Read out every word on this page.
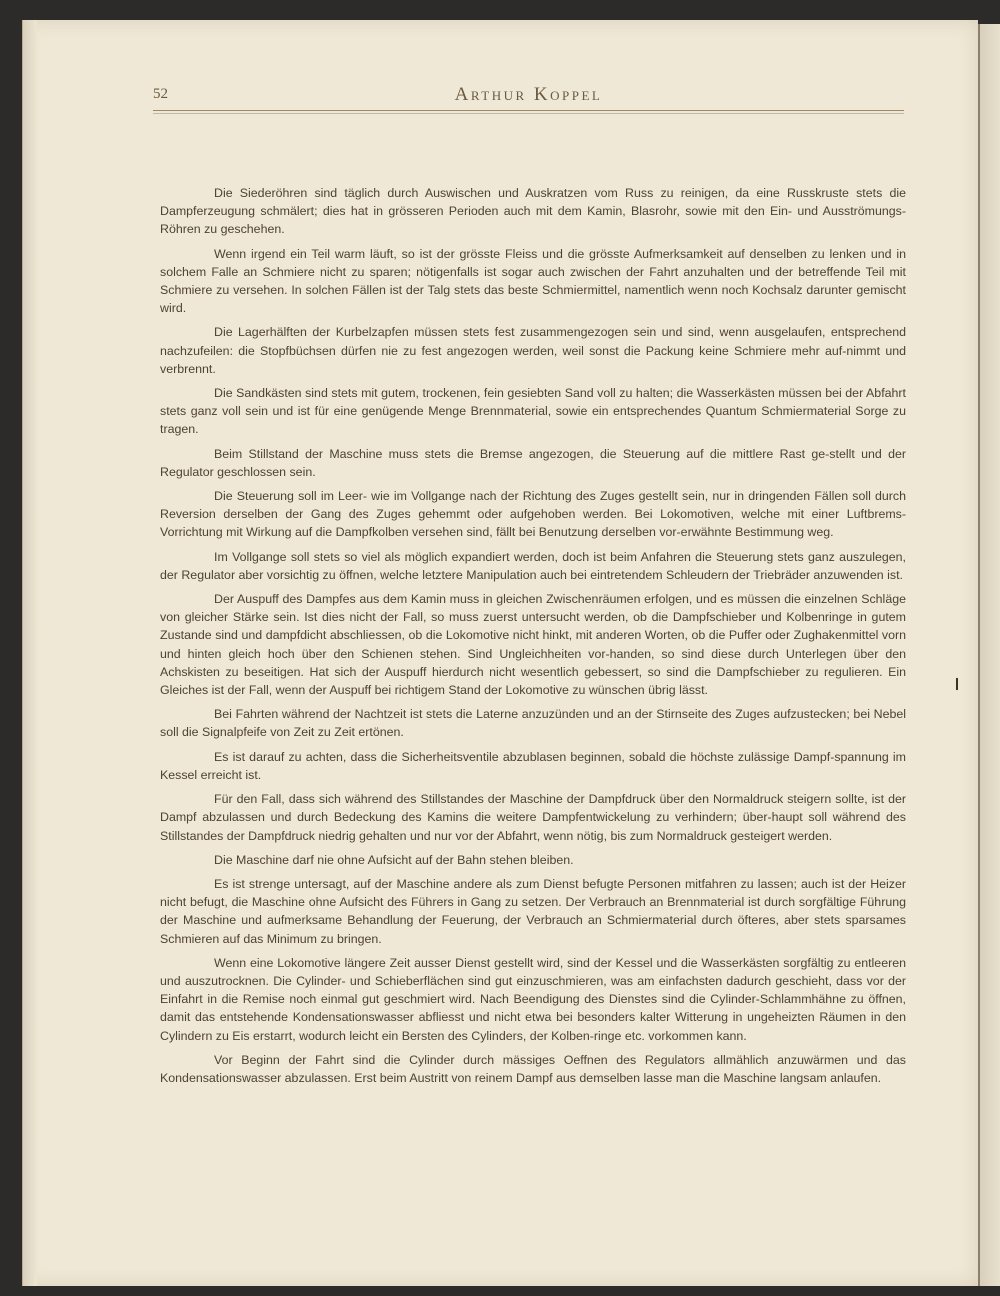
52	Arthur Koppel

Die Siederöhren sind täglich durch Auswischen und Auskratzen vom Russ zu reinigen, da eine Russkruste stets die Dampferzeugung schmälert; dies hat in grösseren Perioden auch mit dem Kamin, Blasrohr, sowie mit den Ein- und Ausströmungs-Röhren zu geschehen.

Wenn irgend ein Teil warm läuft, so ist der grösste Fleiss und die grösste Aufmerksamkeit auf denselben zu lenken und in solchem Falle an Schmiere nicht zu sparen; nötigenfalls ist sogar auch zwischen der Fahrt anzuhalten und der betreffende Teil mit Schmiere zu versehen. In solchen Fällen ist der Talg stets das beste Schmiermittel, namentlich wenn noch Kochsalz darunter gemischt wird.

Die Lagerhälften der Kurbelzapfen müssen stets fest zusammengezogen sein und sind, wenn ausgelaufen, entsprechend nachzufeilen: die Stopfbüchsen dürfen nie zu fest angezogen werden, weil sonst die Packung keine Schmiere mehr auf-nimmt und verbrennt.

Die Sandkästen sind stets mit gutem, trockenen, fein gesiebten Sand voll zu halten; die Wasserkästen müssen bei der Abfahrt stets ganz voll sein und ist für eine genügende Menge Brennmaterial, sowie ein entsprechendes Quantum Schmiermaterial Sorge zu tragen.

Beim Stillstand der Maschine muss stets die Bremse angezogen, die Steuerung auf die mittlere Rast ge-stellt und der Regulator geschlossen sein.

Die Steuerung soll im Leer- wie im Vollgange nach der Richtung des Zuges gestellt sein, nur in dringenden Fällen soll durch Reversion derselben der Gang des Zuges gehemmt oder aufgehoben werden. Bei Lokomotiven, welche mit einer Luftbrems-Vorrichtung mit Wirkung auf die Dampfkolben versehen sind, fällt bei Benutzung derselben vor-erwähnte Bestimmung weg.

Im Vollgange soll stets so viel als möglich expandiert werden, doch ist beim Anfahren die Steuerung stets ganz auszulegen, der Regulator aber vorsichtig zu öffnen, welche letztere Manipulation auch bei eintretendem Schleudern der Triebräder anzuwenden ist.

Der Auspuff des Dampfes aus dem Kamin muss in gleichen Zwischenräumen erfolgen, und es müssen die einzelnen Schläge von gleicher Stärke sein. Ist dies nicht der Fall, so muss zuerst untersucht werden, ob die Dampfschieber und Kolbenringe in gutem Zustande sind und dampfdicht abschliessen, ob die Lokomotive nicht hinkt, mit anderen Worten, ob die Puffer oder Zughakenmittel vorn und hinten gleich hoch über den Schienen stehen. Sind Ungleichheiten vor-handen, so sind diese durch Unterlegen über den Achskisten zu beseitigen. Hat sich der Auspuff hierdurch nicht wesentlich gebessert, so sind die Dampfschieber zu regulieren. Ein Gleiches ist der Fall, wenn der Auspuff bei richtigem Stand der Lokomotive zu wünschen übrig lässt.

Bei Fahrten während der Nachtzeit ist stets die Laterne anzuzünden und an der Stirnseite des Zuges aufzustecken; bei Nebel soll die Signalpfeife von Zeit zu Zeit ertönen.

Es ist darauf zu achten, dass die Sicherheitsventile abzublasen beginnen, sobald die höchste zulässige Dampf-spannung im Kessel erreicht ist.

Für den Fall, dass sich während des Stillstandes der Maschine der Dampfdruck über den Normaldruck steigern sollte, ist der Dampf abzulassen und durch Bedeckung des Kamins die weitere Dampfentwickelung zu verhindern; über-haupt soll während des Stillstandes der Dampfdruck niedrig gehalten und nur vor der Abfahrt, wenn nötig, bis zum Normaldruck gesteigert werden.

Die Maschine darf nie ohne Aufsicht auf der Bahn stehen bleiben.

Es ist strenge untersagt, auf der Maschine andere als zum Dienst befugte Personen mitfahren zu lassen; auch ist der Heizer nicht befugt, die Maschine ohne Aufsicht des Führers in Gang zu setzen. Der Verbrauch an Brennmaterial ist durch sorgfältige Führung der Maschine und aufmerksame Behandlung der Feuerung, der Verbrauch an Schmiermaterial durch öfteres, aber stets sparsames Schmieren auf das Minimum zu bringen.

Wenn eine Lokomotive längere Zeit ausser Dienst gestellt wird, sind der Kessel und die Wasserkästen sorgfältig zu entleeren und auszutrocknen. Die Cylinder- und Schieberflächen sind gut einzuschmieren, was am einfachsten dadurch geschieht, dass vor der Einfahrt in die Remise noch einmal gut geschmiert wird. Nach Beendigung des Dienstes sind die Cylinder-Schlammhähne zu öffnen, damit das entstehende Kondensationswasser abfliesst und nicht etwa bei besonders kalter Witterung in ungeheizten Räumen in den Cylindern zu Eis erstarrt, wodurch leicht ein Bersten des Cylinders, der Kolben-ringe etc. vorkommen kann.

Vor Beginn der Fahrt sind die Cylinder durch mässiges Oeffnen des Regulators allmählich anzuwärmen und das Kondensationswasser abzulassen. Erst beim Austritt von reinem Dampf aus demselben lasse man die Maschine langsam anlaufen.
